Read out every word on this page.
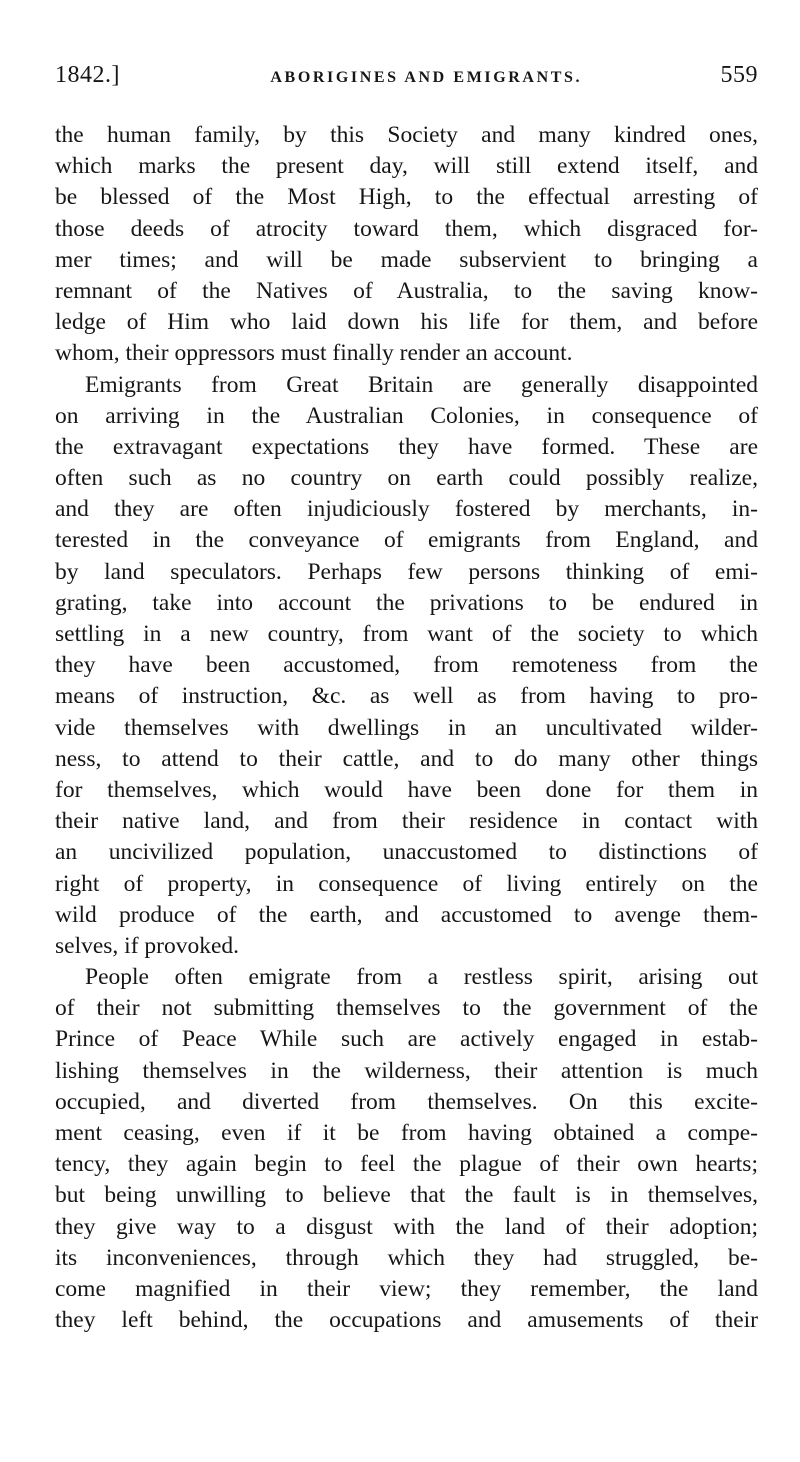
1842.]	ABORIGINES AND EMIGRANTS.	559
the human family, by this Society and many kindred ones,
which marks the present day, will still extend itself, and
be blessed of the Most High, to the effectual arresting of
those deeds of atrocity toward them, which disgraced for-
mer times; and will be made subservient to bringing a
remnant of the Natives of Australia, to the saving know-
ledge of Him who laid down his life for them, and before
whom, their oppressors must finally render an account.
Emigrants from Great Britain are generally disappointed
on arriving in the Australian Colonies, in consequence of
the extravagant expectations they have formed. These are
often such as no country on earth could possibly realize,
and they are often injudiciously fostered by merchants, in-
terested in the conveyance of emigrants from England, and
by land speculators. Perhaps few persons thinking of emi-
grating, take into account the privations to be endured in
settling in a new country, from want of the society to which
they have been accustomed, from remoteness from the
means of instruction, &c. as well as from having to pro-
vide themselves with dwellings in an uncultivated wilder-
ness, to attend to their cattle, and to do many other things
for themselves, which would have been done for them in
their native land, and from their residence in contact with
an uncivilized population, unaccustomed to distinctions of
right of property, in consequence of living entirely on the
wild produce of the earth, and accustomed to avenge them-
selves, if provoked.
People often emigrate from a restless spirit, arising out
of their not submitting themselves to the government of the
Prince of Peace While such are actively engaged in estab-
lishing themselves in the wilderness, their attention is much
occupied, and diverted from themselves. On this excite-
ment ceasing, even if it be from having obtained a compe-
tency, they again begin to feel the plague of their own hearts;
but being unwilling to believe that the fault is in themselves,
they give way to a disgust with the land of their adoption;
its inconveniences, through which they had struggled, be-
come magnified in their view; they remember, the land
they left behind, the occupations and amusements of their
